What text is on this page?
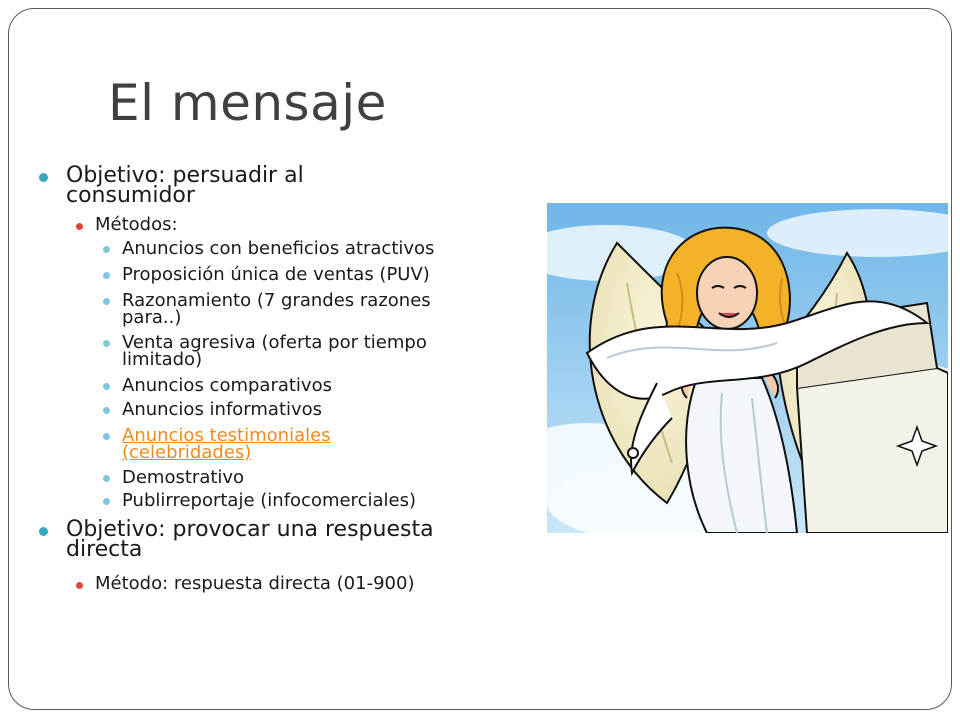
El mensaje
Objetivo: persuadir al
consumidor
Métodos:
Anuncios con beneficios atractivos
Proposición única de ventas (PUV)
Razonamiento (7 grandes razones
para..)
Venta agresiva (oferta por tiempo
limitado)
Anuncios comparativos
Anuncios informativos
Anuncios testimoniales
(celebridades)
Demostrativo
Publirreportaje (infocomerciales)
Objetivo: provocar una respuesta
directa
Método: respuesta directa (01-900)
